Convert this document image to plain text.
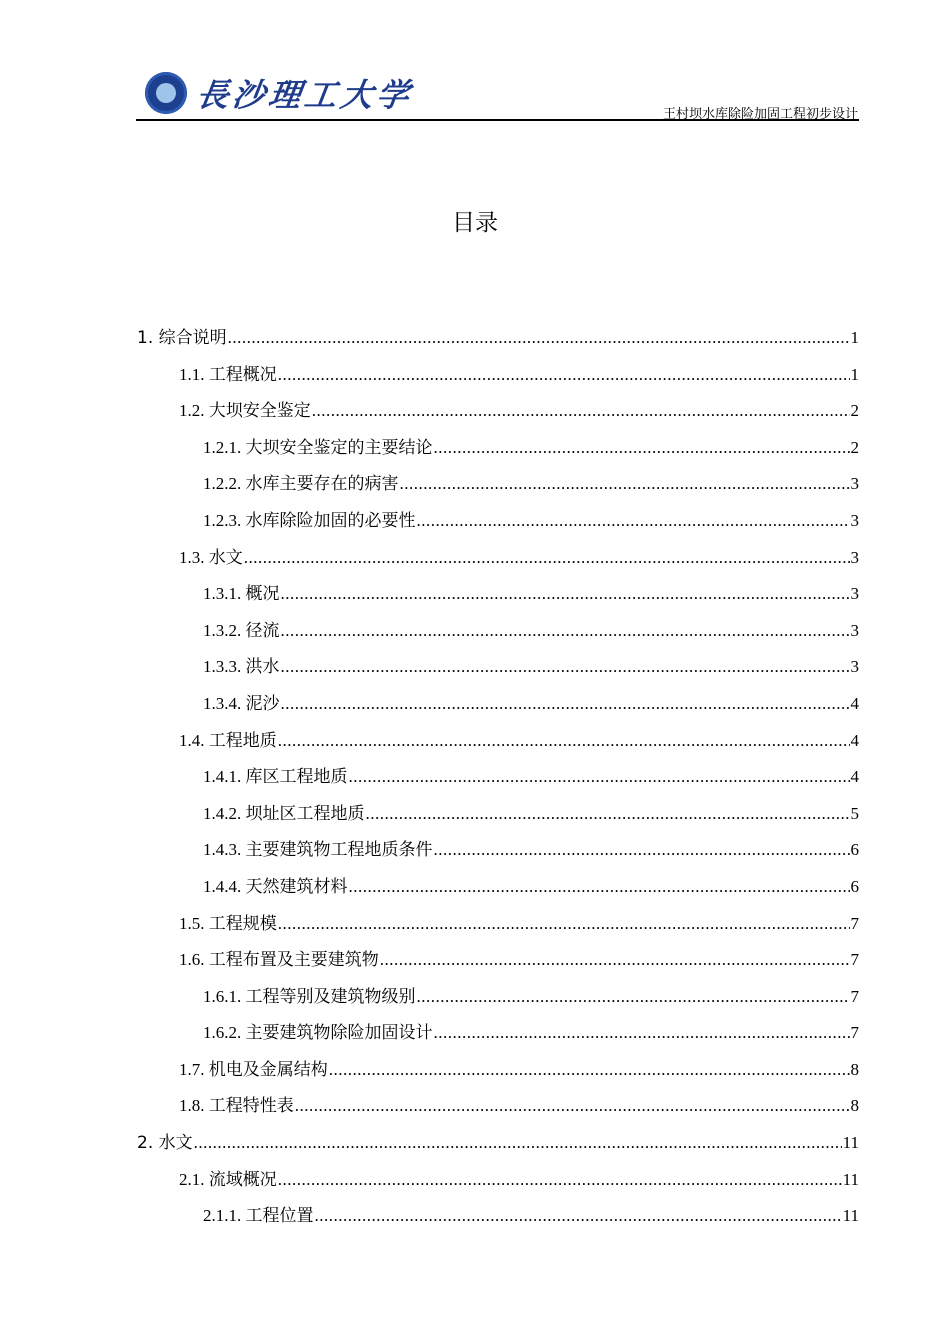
長沙理工大学
王村坝水库除险加固工程初步设计
目录
1. 综合说明 .....	1
1.1. 工程概况 .....	1
1.2. 大坝安全鉴定 .....	2
1.2.1. 大坝安全鉴定的主要结论 .....	2
1.2.2. 水库主要存在的病害 .....	3
1.2.3. 水库除险加固的必要性 .....	3
1.3. 水文 .....	3
1.3.1. 概况 .....	3
1.3.2. 径流 .....	3
1.3.3. 洪水 .....	3
1.3.4. 泥沙 .....	4
1.4. 工程地质 .....	4
1.4.1. 库区工程地质 .....	4
1.4.2. 坝址区工程地质 .....	5
1.4.3. 主要建筑物工程地质条件 .....	6
1.4.4. 天然建筑材料 .....	6
1.5. 工程规模 .....	7
1.6. 工程布置及主要建筑物 .....	7
1.6.1. 工程等别及建筑物级别 .....	7
1.6.2. 主要建筑物除险加固设计 .....	7
1.7. 机电及金属结构 .....	8
1.8. 工程特性表 .....	8
2. 水文 .....	11
2.1. 流域概况 .....	11
2.1.1. 工程位置 .....	11
